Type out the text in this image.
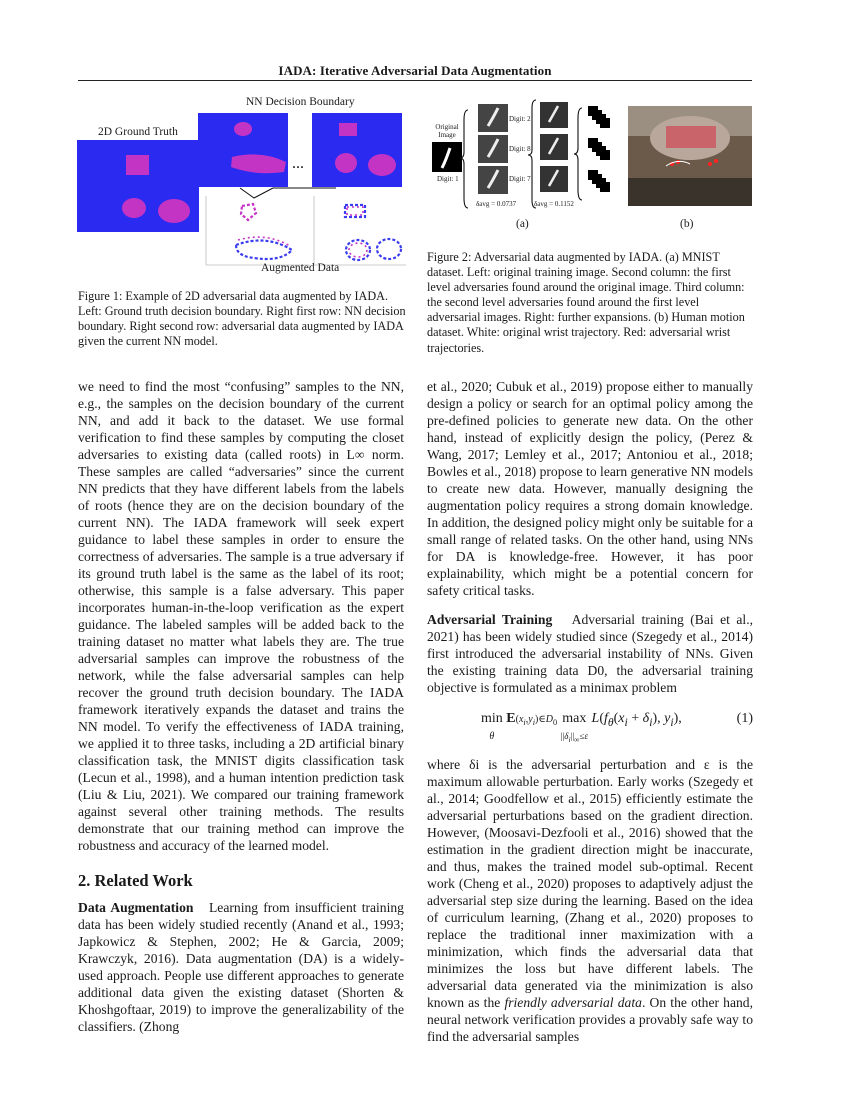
IADA: Iterative Adversarial Data Augmentation
NN Decision Boundary
2D Ground Truth
...
Augmented Data
Figure 1: Example of 2D adversarial data augmented by IADA. Left: Ground truth decision boundary. Right first row: NN decision boundary. Right second row: adversarial data augmented by IADA given the current NN model.
Original Image
Digit: 1
Digit: 2
Digit: 8
Digit: 7
δavg = 0.0737	δavg = 0.1152
(a)	(b)
Figure 2: Adversarial data augmented by IADA. (a) MNIST dataset. Left: original training image. Second column: the first level adversaries found around the original image. Third column: the second level adversaries found around the first level adversarial images. Right: further expansions. (b) Human motion dataset. White: original wrist trajectory. Red: adversarial wrist trajectories.

we need to find the most “confusing” samples to the NN, e.g., the samples on the decision boundary of the current NN, and add it back to the dataset. We use formal verification to find these samples by computing the closet adversaries to existing data (called roots) in L∞ norm. These samples are called “adversaries” since the current NN predicts that they have different labels from the labels of roots (hence they are on the decision boundary of the current NN). The IADA framework will seek expert guidance to label these samples in order to ensure the correctness of adversaries. The sample is a true adversary if its ground truth label is the same as the label of its root; otherwise, this sample is a false adversary. This paper incorporates human-in-the-loop verification as the expert guidance. The labeled samples will be added back to the training dataset no matter what labels they are. The true adversarial samples can improve the robustness of the network, while the false adversarial samples can help recover the ground truth decision boundary. The IADA framework iteratively expands the dataset and trains the NN model. To verify the effectiveness of IADA training, we applied it to three tasks, including a 2D artificial binary classification task, the MNIST digits classification task (Lecun et al., 1998), and a human intention prediction task (Liu & Liu, 2021). We compared our training framework against several other training methods. The results demonstrate that our training method can improve the robustness and accuracy of the learned model.

2. Related Work

Data Augmentation Learning from insufficient training data has been widely studied recently (Anand et al., 1993; Japkowicz & Stephen, 2002; He & Garcia, 2009; Krawczyk, 2016). Data augmentation (DA) is a widely-used approach. People use different approaches to generate additional data given the existing dataset (Shorten & Khoshgoftaar, 2019) to improve the generalizability of the classifiers. (Zhong

et al., 2020; Cubuk et al., 2019) propose either to manually design a policy or search for an optimal policy among the pre-defined policies to generate new data. On the other hand, instead of explicitly design the policy, (Perez & Wang, 2017; Lemley et al., 2017; Antoniou et al., 2018; Bowles et al., 2018) propose to learn generative NN models to create new data. However, manually designing the augmentation policy requires a strong domain knowledge. In addition, the designed policy might only be suitable for a small range of related tasks. On the other hand, using NNs for DA is knowledge-free. However, it has poor explainability, which might be a potential concern for safety critical tasks.

Adversarial Training Adversarial training (Bai et al., 2021) has been widely studied since (Szegedy et al., 2014) first introduced the adversarial instability of NNs. Given the existing training data D0, the adversarial training objective is formulated as a minimax problem

min
θ $E(x_i,y_i)\in D_0$ max
$||\delta_i||_\infty\le\varepsilon$ $L(f_\theta(x_i + \delta_i)$, $y_i$),	(1)

where δi is the adversarial perturbation and ε is the maximum allowable perturbation. Early works (Szegedy et al., 2014; Goodfellow et al., 2015) efficiently estimate the adversarial perturbations based on the gradient direction. However, (Moosavi-Dezfooli et al., 2016) showed that the estimation in the gradient direction might be inaccurate, and thus, makes the trained model sub-optimal. Recent work (Cheng et al., 2020) proposes to adaptively adjust the adversarial step size during the learning. Based on the idea of curriculum learning, (Zhang et al., 2020) proposes to replace the traditional inner maximization with a minimization, which finds the adversarial data that minimizes the loss but have different labels. The adversarial data generated via the minimization is also known as the friendly adversarial data. On the other hand, neural network verification provides a provably safe way to find the adversarial samples
